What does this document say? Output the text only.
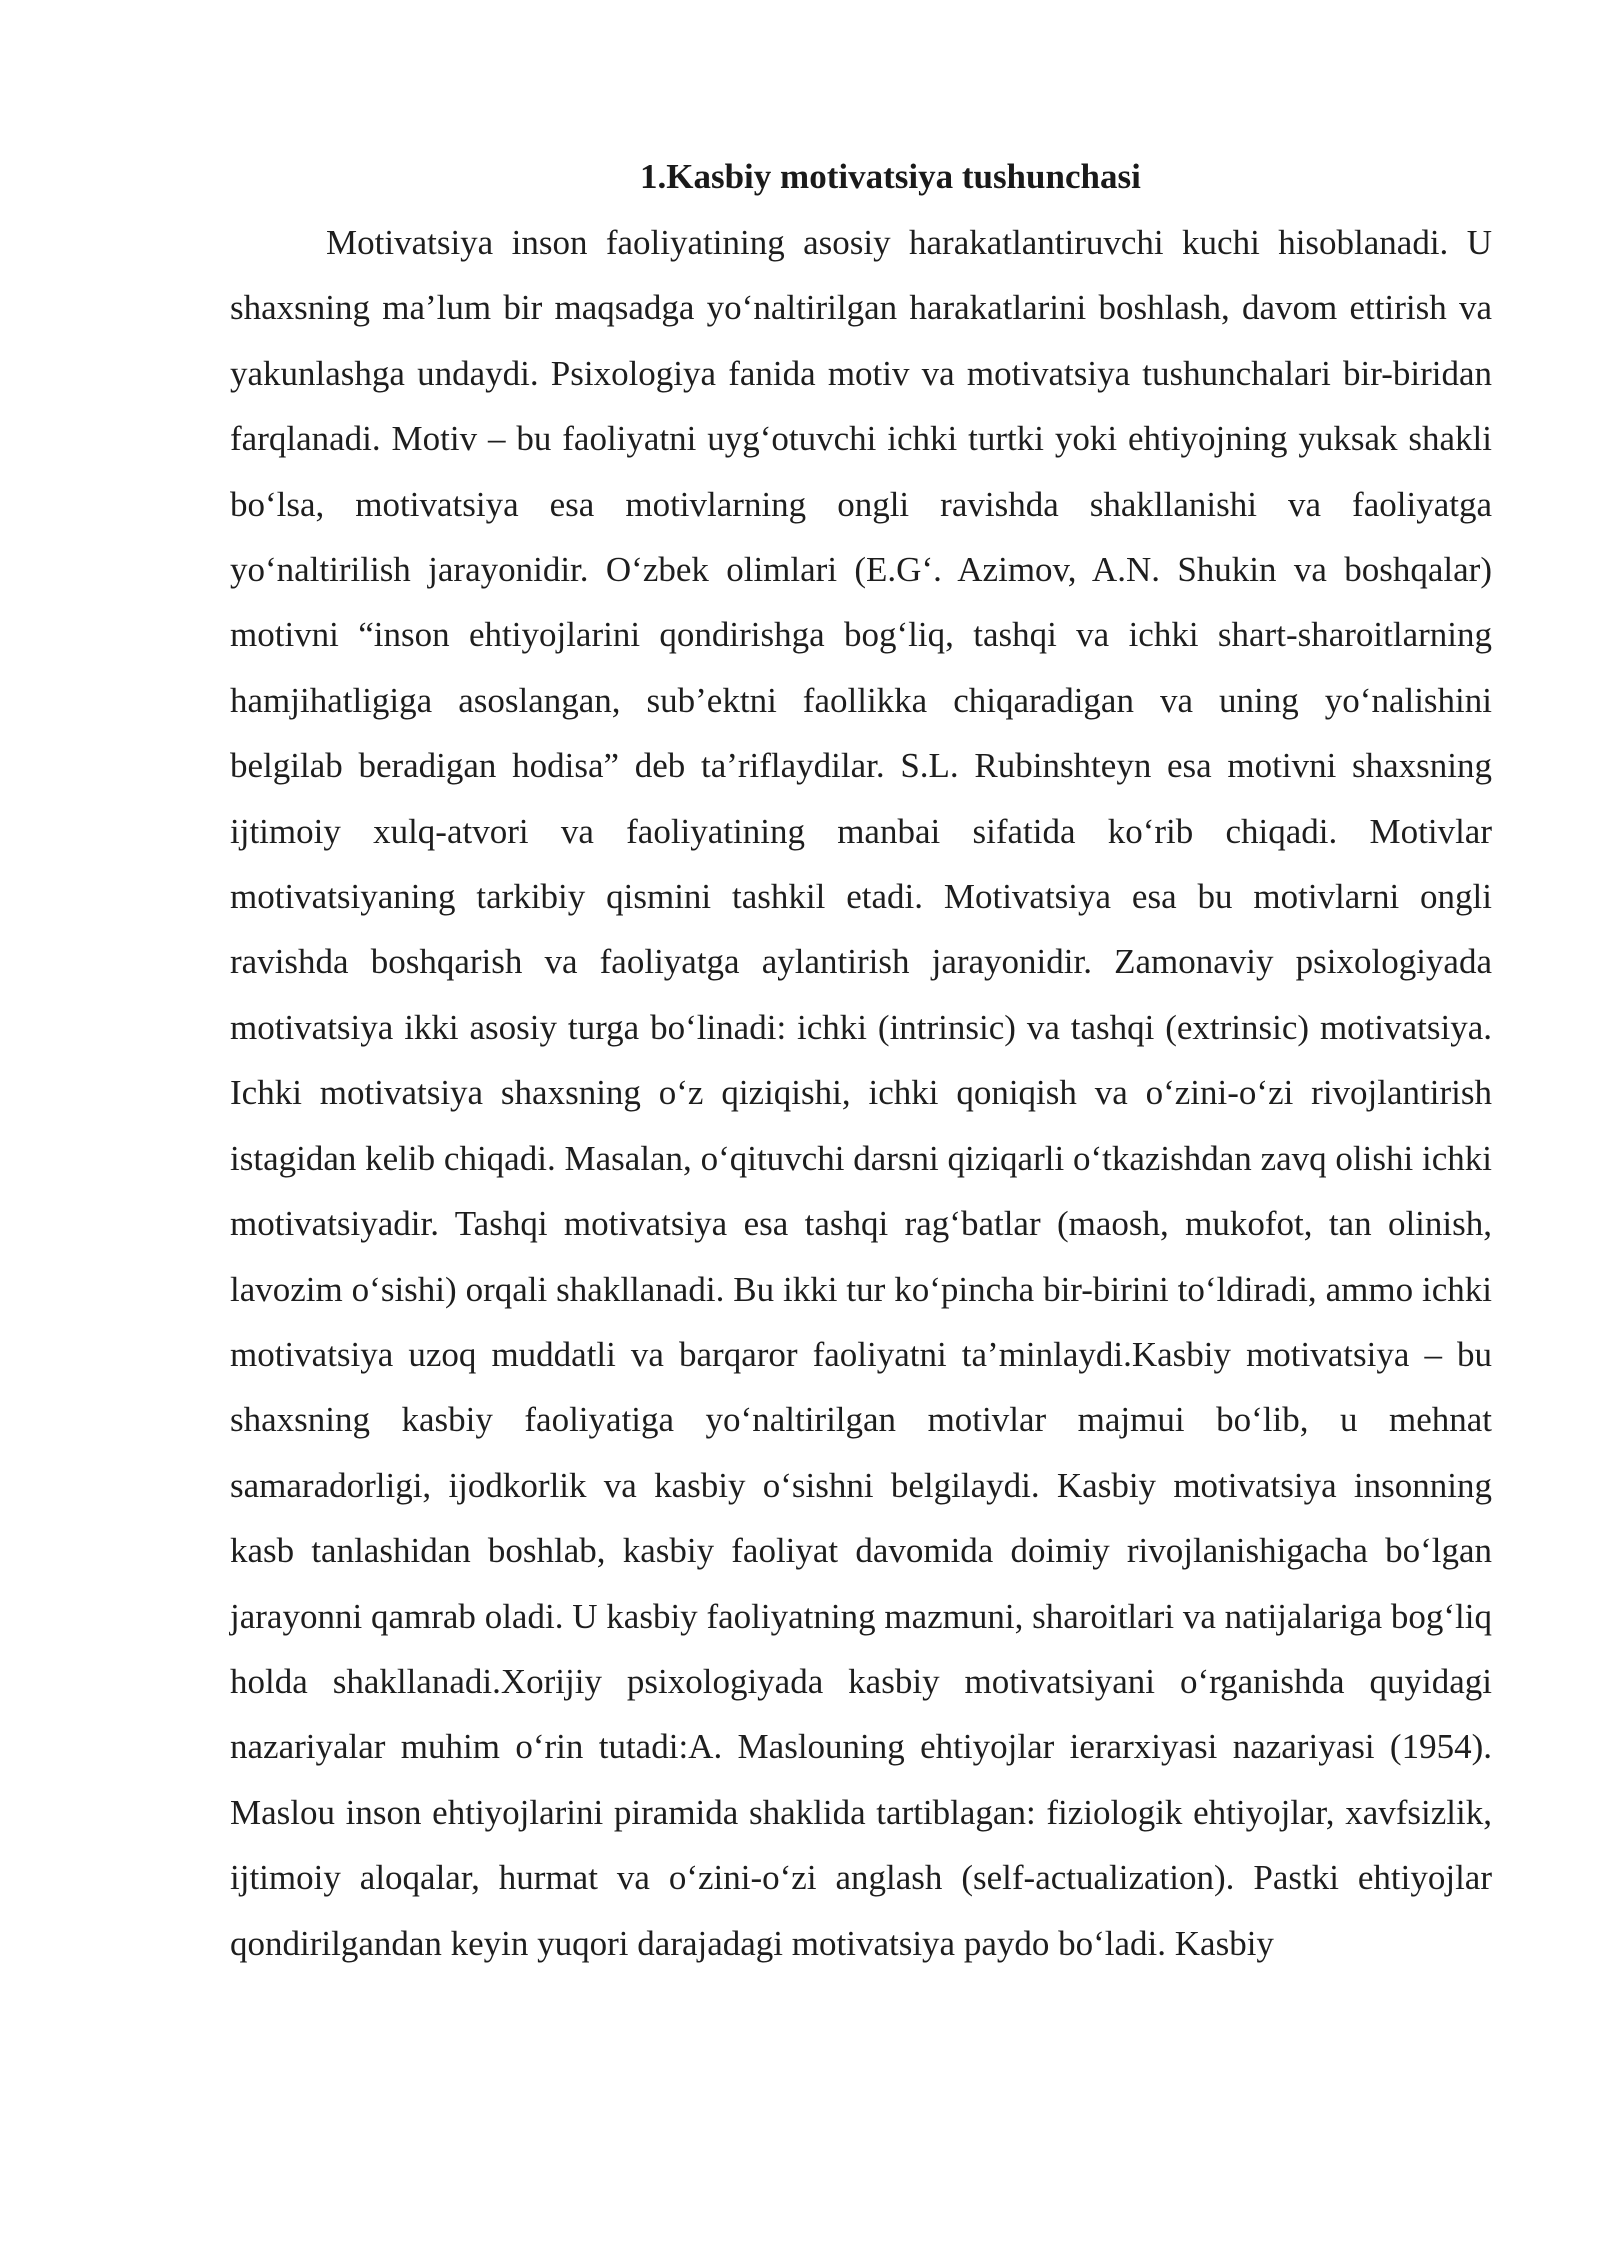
1.Kasbiy motivatsiya tushunchasi

Motivatsiya inson faoliyatining asosiy harakatlantiruvchi kuchi hisoblanadi. U shaxsning ma’lum bir maqsadga yo‘naltirilgan harakatlarini boshlash, davom ettirish va yakunlashga undaydi. Psixologiya fanida motiv va motivatsiya tushunchalari bir-biridan farqlanadi. Motiv – bu faoliyatni uyg‘otuvchi ichki turtki yoki ehtiyojning yuksak shakli bo‘lsa, motivatsiya esa motivlarning ongli ravishda shakllanishi va faoliyatga yo‘naltirilish jarayonidir. O‘zbek olimlari (E.G‘. Azimov, A.N. Shukin va boshqalar) motivni “inson ehtiyojlarini qondirishga bog‘liq, tashqi va ichki shart-sharoitlarning hamjihatligiga asoslangan, sub’ektni faollikka chiqaradigan va uning yo‘nalishini belgilab beradigan hodisa” deb ta’riflaydilar. S.L. Rubinshteyn esa motivni shaxsning ijtimoiy xulq-atvori va faoliyatining manbai sifatida ko‘rib chiqadi. Motivlar motivatsiyaning tarkibiy qismini tashkil etadi. Motivatsiya esa bu motivlarni ongli ravishda boshqarish va faoliyatga aylantirish jarayonidir. Zamonaviy psixologiyada motivatsiya ikki asosiy turga bo‘linadi: ichki (intrinsic) va tashqi (extrinsic) motivatsiya. Ichki motivatsiya shaxsning o‘z qiziqishi, ichki qoniqish va o‘zini-o‘zi rivojlantirish istagidan kelib chiqadi. Masalan, o‘qituvchi darsni qiziqarli o‘tkazishdan zavq olishi ichki motivatsiyadir. Tashqi motivatsiya esa tashqi rag‘batlar (maosh, mukofot, tan olinish, lavozim o‘sishi) orqali shakllanadi. Bu ikki tur ko‘pincha bir-birini to‘ldiradi, ammo ichki motivatsiya uzoq muddatli va barqaror faoliyatni ta’minlaydi.Kasbiy motivatsiya – bu shaxsning kasbiy faoliyatiga yo‘naltirilgan motivlar majmui bo‘lib, u mehnat samaradorligi, ijodkorlik va kasbiy o‘sishni belgilaydi. Kasbiy motivatsiya insonning kasb tanlashidan boshlab, kasbiy faoliyat davomida doimiy rivojlanishigacha bo‘lgan jarayonni qamrab oladi. U kasbiy faoliyatning mazmuni, sharoitlari va natijalariga bog‘liq holda shakllanadi.Xorijiy psixologiyada kasbiy motivatsiyani o‘rganishda quyidagi nazariyalar muhim o‘rin tutadi:A. Maslouning ehtiyojlar ierarxiyasi nazariyasi (1954). Maslou inson ehtiyojlarini piramida shaklida tartiblagan: fiziologik ehtiyojlar, xavfsizlik, ijtimoiy aloqalar, hurmat va o‘zini-o‘zi anglash (self-actualization). Pastki ehtiyojlar qondirilgandan keyin yuqori darajadagi motivatsiya paydo bo‘ladi. Kasbiy
